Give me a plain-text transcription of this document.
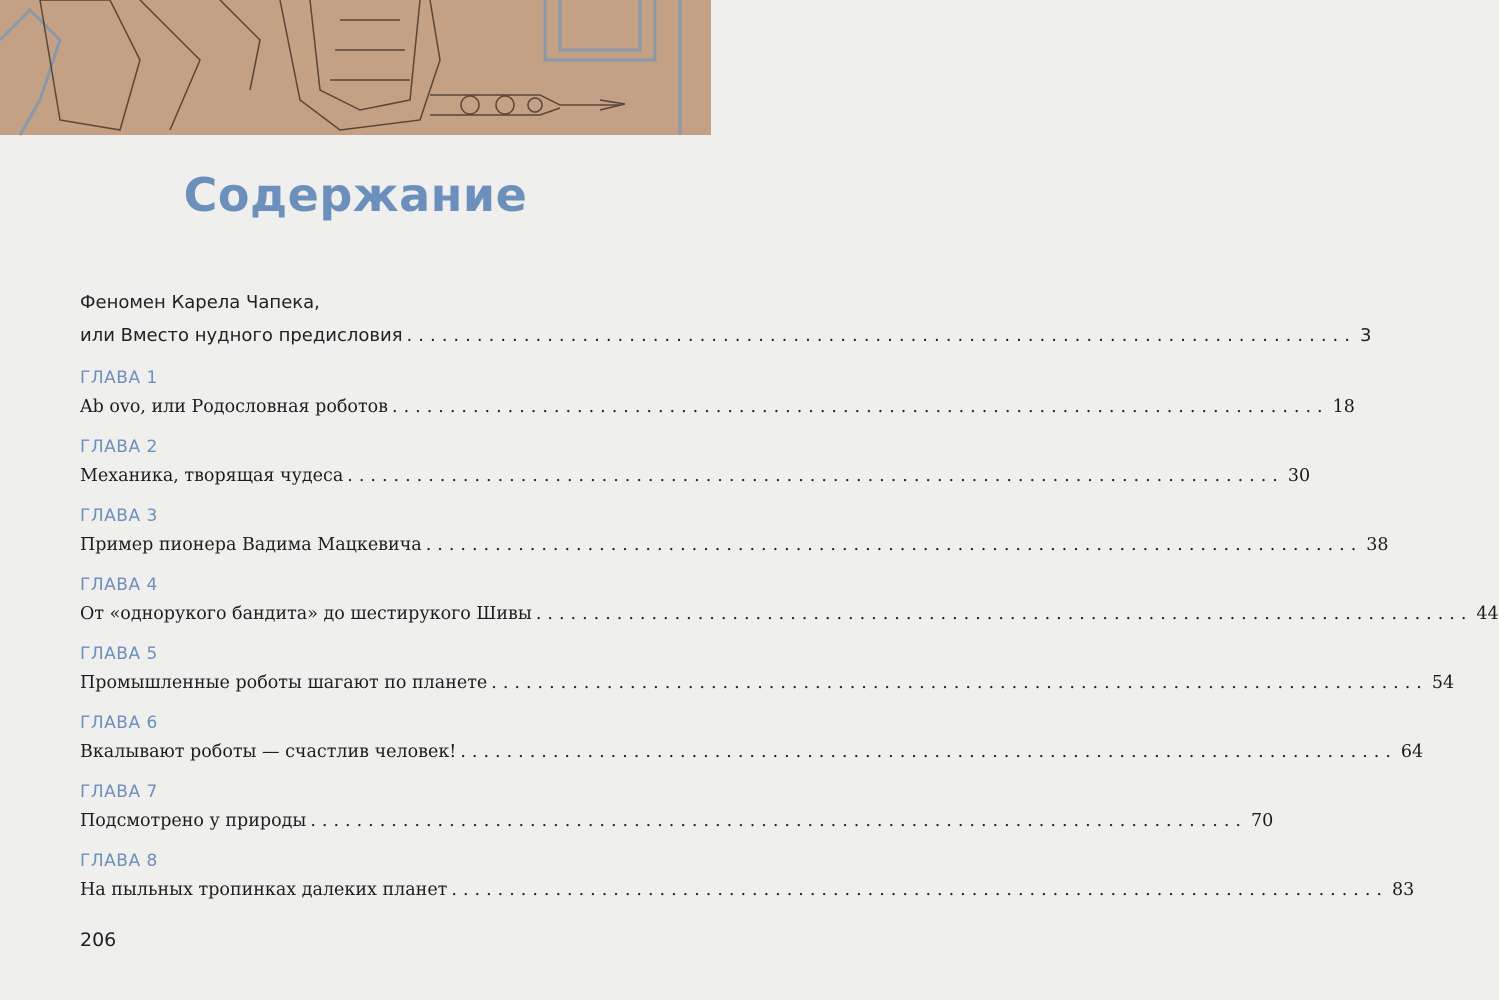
Содержание
Феномен Карела Чапека,
или Вместо нудного предисловия ................................................................................. 3
ГЛАВА 1
Ab ovo, или Родословная роботов ................................................................................. 18
ГЛАВА 2
Механика, творящая чудеса ................................................................................. 30
ГЛАВА 3
Пример пионера Вадима Мацкевича ................................................................................. 38
ГЛАВА 4
От «однорукого бандита» до шестирукого Шивы ................................................................................. 44
ГЛАВА 5
Промышленные роботы шагают по планете ................................................................................. 54
ГЛАВА 6
Вкалывают роботы — счастлив человек! ................................................................................. 64
ГЛАВА 7
Подсмотрено у природы ................................................................................. 70
ГЛАВА 8
На пыльных тропинках далеких планет ................................................................................. 83
206
